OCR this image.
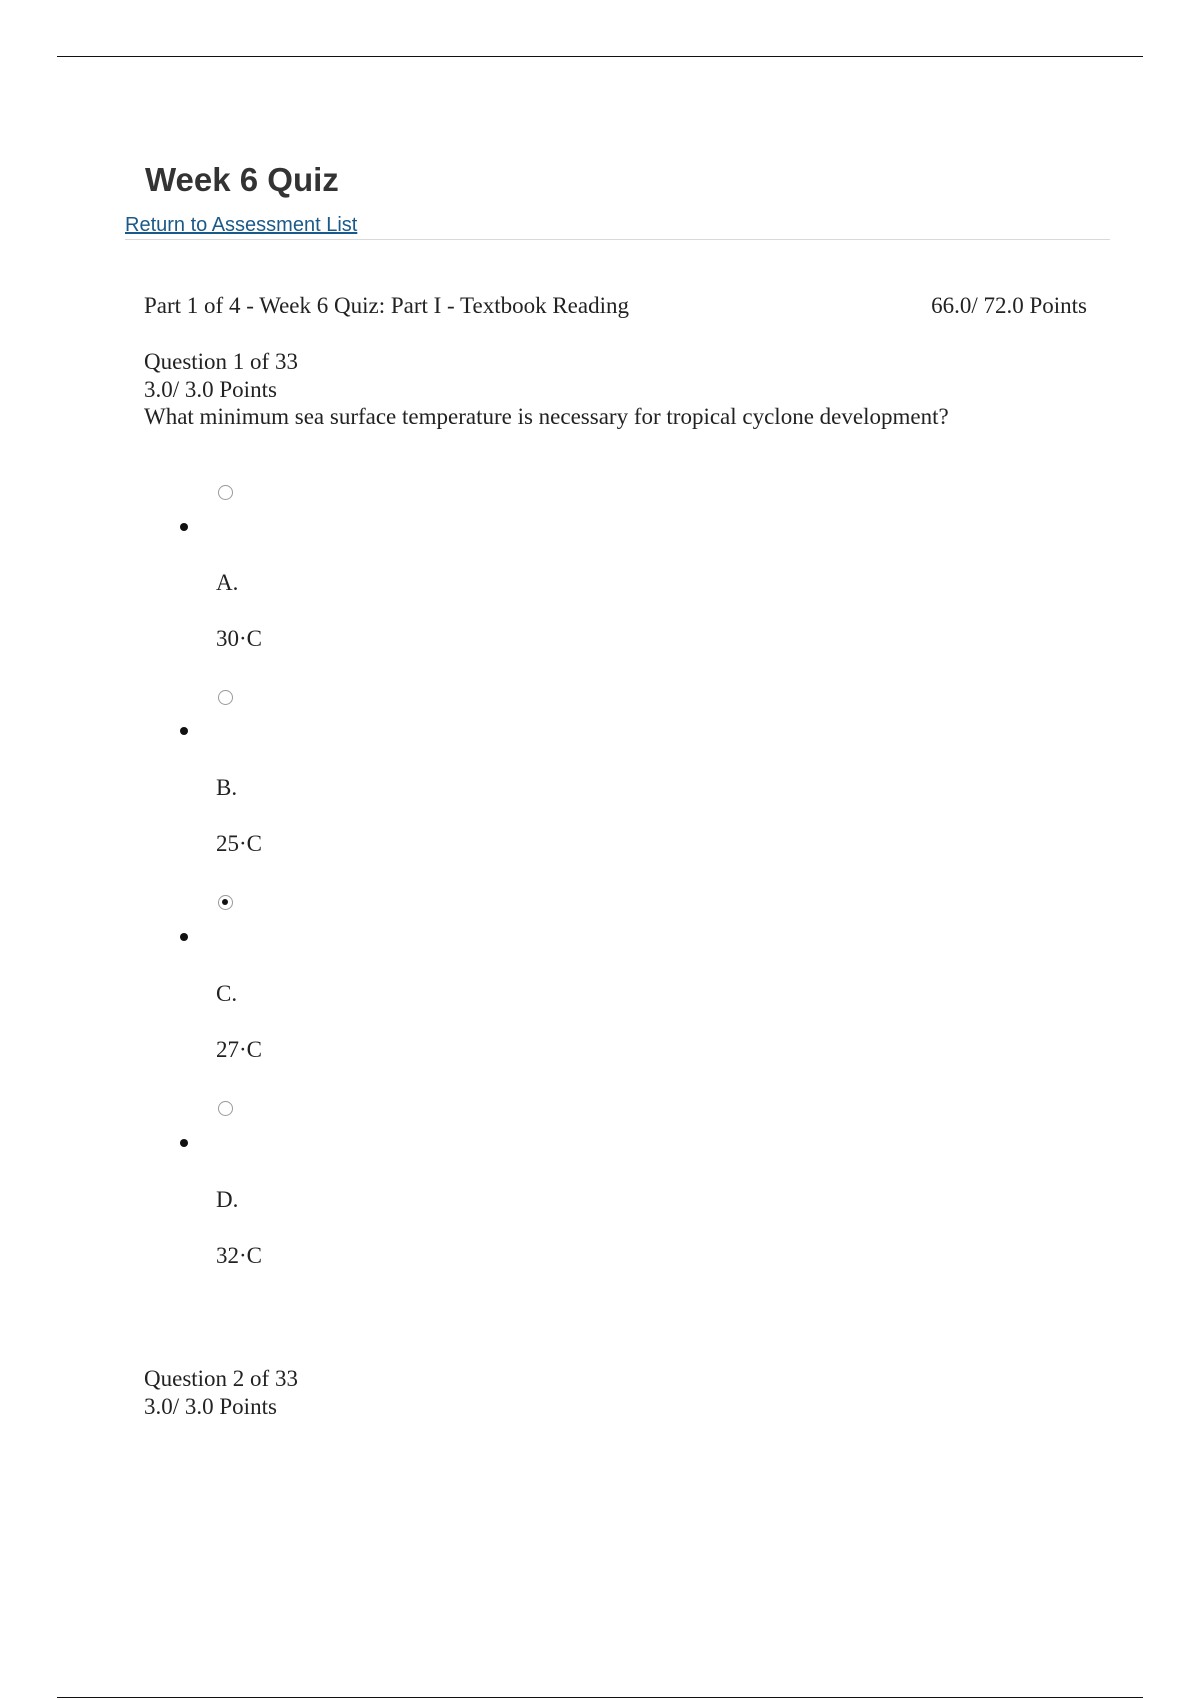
Week 6 Quiz
Return to Assessment List
Part 1 of 4 - Week 6 Quiz: Part I - Textbook Reading	66.0/ 72.0 Points
Question 1 of 33
3.0/ 3.0 Points
What minimum sea surface temperature is necessary for tropical cyclone development?
A.
30·C
B.
25·C
C.
27·C
D.
32·C
Question 2 of 33
3.0/ 3.0 Points
